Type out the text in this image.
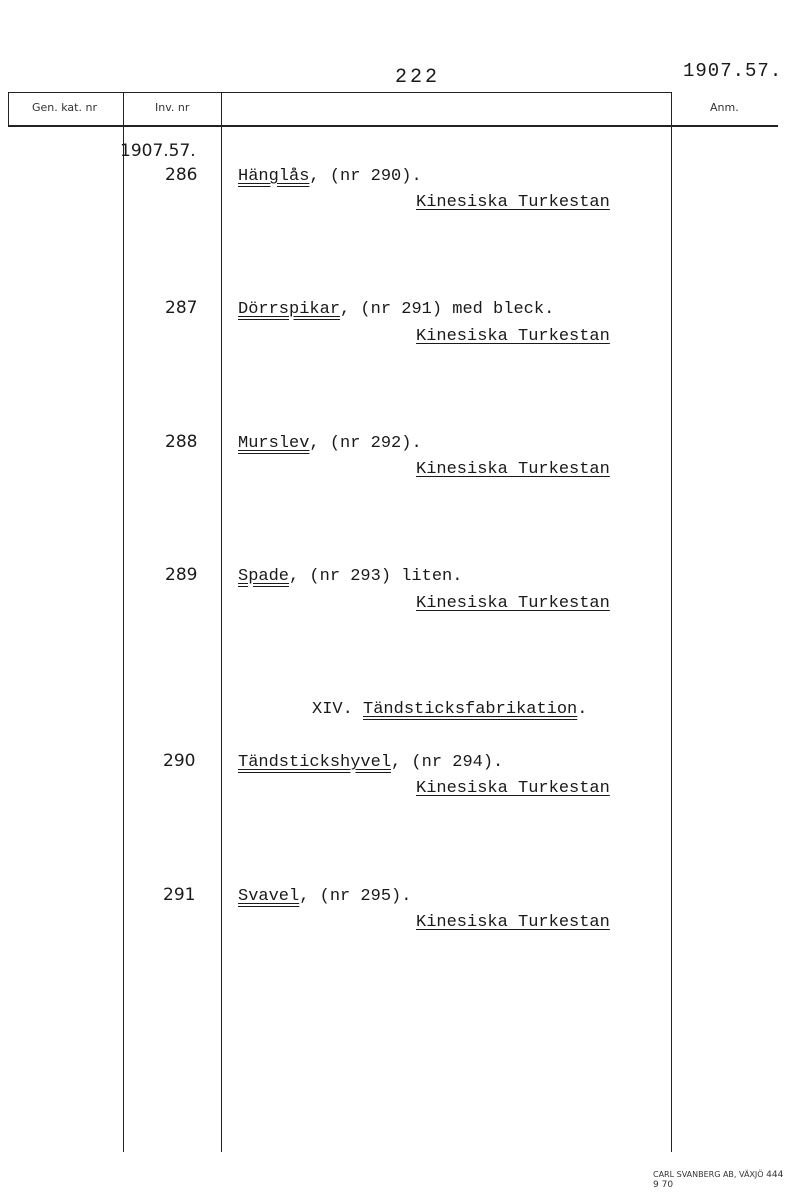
222	1907.57.
Gen. kat. nr	Inv. nr	Anm.
1907.57.
286 Hänglås, (nr 290).
Kinesiska Turkestan
287 Dörrspikar, (nr 291) med bleck.
Kinesiska Turkestan
288 Murslev, (nr 292).
Kinesiska Turkestan
289 Spade, (nr 293) liten.
Kinesiska Turkestan
XIV. Tändsticksfabrikation.
290	Tändstickshyvel, (nr 294).
Kinesiska Turkestan
291	Svavel, (nr 295).
Kinesiska Turkestan
CARL SVANBERG AB, VÄXJÖ 444 9 70
